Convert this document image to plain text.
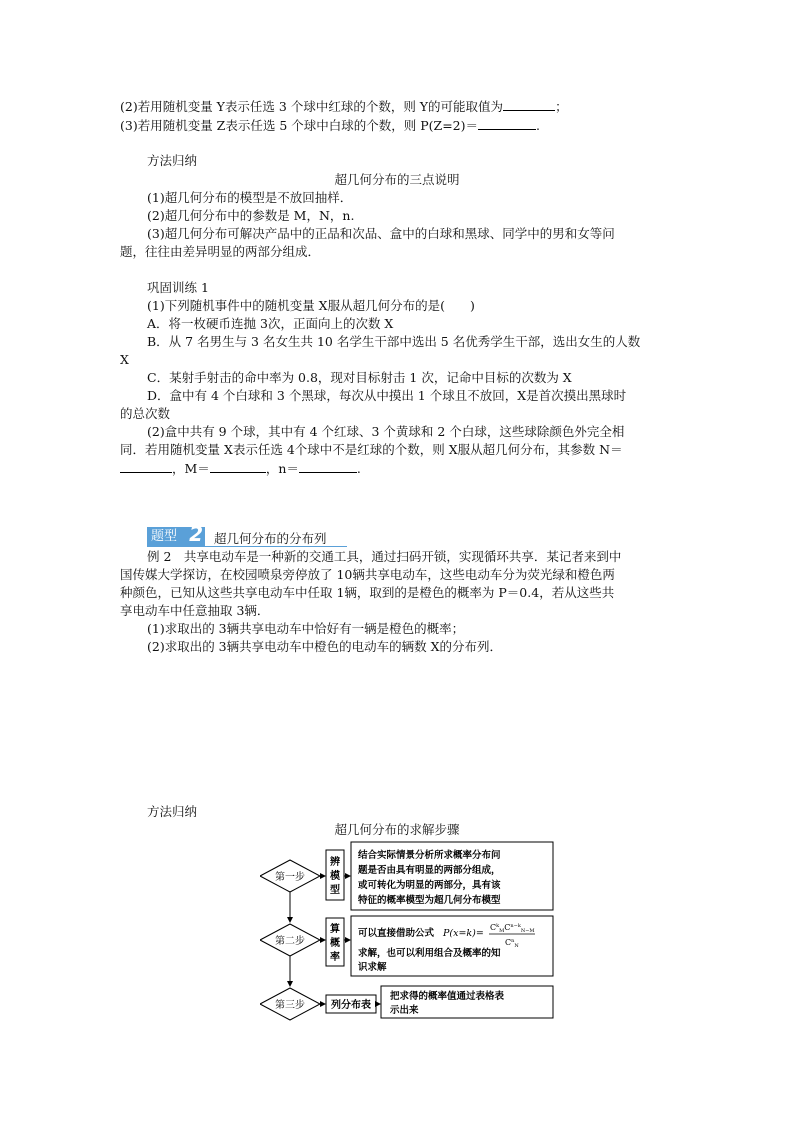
(2)若用随机变量 Y表示任选 3 个球中红球的个数，则 Y的可能取值为	；
(3)若用随机变量 Z表示任选 5 个球中白球的个数，则 P(Z=2)＝	.
方法归纳
超几何分布的三点说明
(1)超几何分布的模型是不放回抽样．
(2)超几何分布中的参数是 M，N，n.
(3)超几何分布可解决产品中的正品和次品、盒中的白球和黑球、同学中的男和女等问
题，往往由差异明显的两部分组成．
巩固训练 1
(1)下列随机事件中的随机变量 X服从超几何分布的是(　　)
A．将一枚硬币连抛 3次，正面向上的次数 X
B．从 7 名男生与 3 名女生共 10 名学生干部中选出 5 名优秀学生干部，选出女生的人数
X
C．某射手射击的命中率为 0.8，现对目标射击 1 次，记命中目标的次数为 X
D．盒中有 4 个白球和 3 个黑球，每次从中摸出 1 个球且不放回，X是首次摸出黑球时
的总次数
(2)盒中共有 9 个球，其中有 4 个红球、3 个黄球和 2 个白球，这些球除颜色外完全相
同．若用随机变量 X表示任选 4个球中不是红球的个数，则 X服从超几何分布，其参数 N＝
，M＝	，n＝	.
题型 2 超几何分布的分布列
例 2　共享电动车是一种新的交通工具，通过扫码开锁，实现循环共享．某记者来到中
国传媒大学探访，在校园喷泉旁停放了 10辆共享电动车，这些电动车分为荧光绿和橙色两
种颜色，已知从这些共享电动车中任取 1辆，取到的是橙色的概率为 P＝0.4，若从这些共
享电动车中任意抽取 3辆．
(1)求取出的 3辆共享电动车中恰好有一辆是橙色的概率；
(2)求取出的 3辆共享电动车中橙色的电动车的辆数 X的分布列．
方法归纳
超几何分布的求解步骤
第一步
第二步
第三步
辨
模
型
算
概
率
列分布表
结合实际情景分析所求概率分布问
题是否由具有明显的两部分组成，
或可转化为明显的两部分，具有该
特征的概率模型为超几何分布模型
可以直接借助公式 P(x=k)=
$C^k_MC^{n-k}_{N-M}$
$C^n_N$
求解，也可以利用组合及概率的知
识求解
把求得的概率值通过表格表
示出来
